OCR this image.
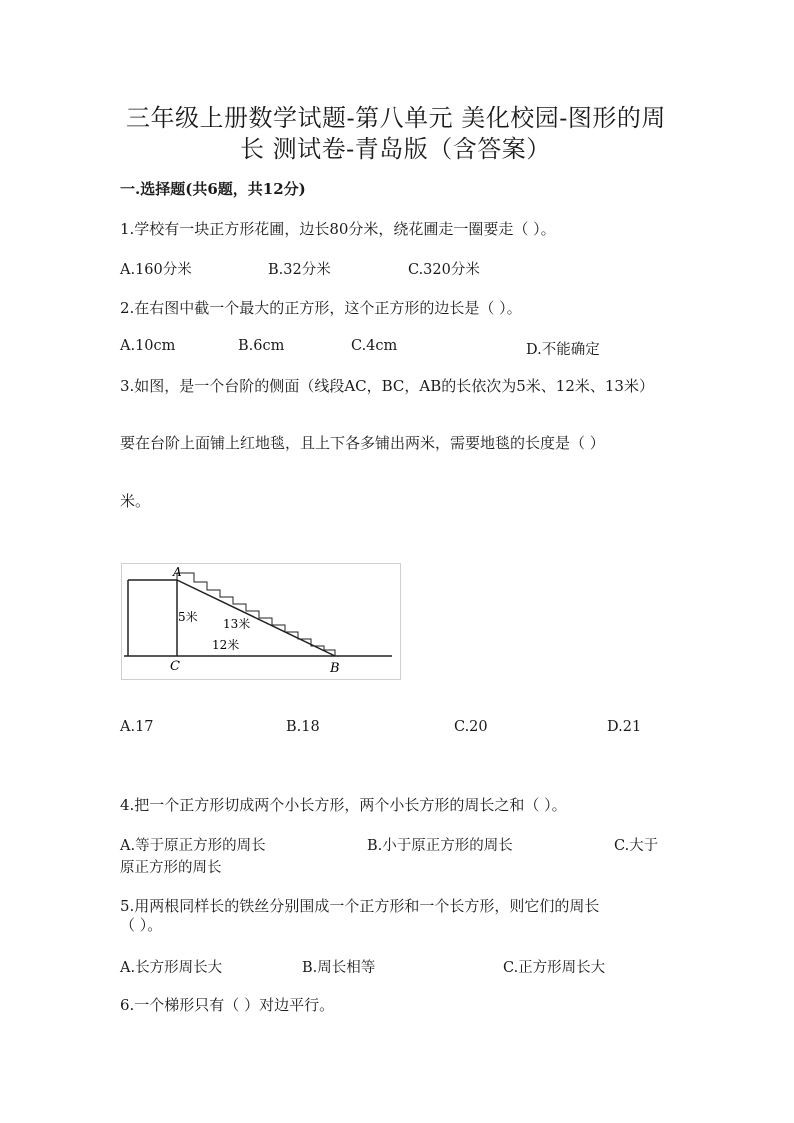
三年级上册数学试题-第八单元 美化校园-图形的周
长 测试卷-青岛版（含答案）
一.选择题(共6题，共12分)
1.学校有一块正方形花圃，边长80分米，绕花圃走一圈要走（ ）。
A.160分米	B.32分米	C.320分米
2.在右图中截一个最大的正方形，这个正方形的边长是（ ）。
A.10cm	B.6cm	C.4cm	D.不能确定
3.如图，是一个台阶的侧面（线段AC，BC，AB的长依次为5米、12米、13米）
要在台阶上面铺上红地毯，且上下各多铺出两米，需要地毯的长度是（ ）
米。
A
C	B
5米 13米
12米
A.17	B.18	C.20	D.21
4.把一个正方形切成两个小长方形，两个小长方形的周长之和（ ）。
A.等于原正方形的周长	B.小于原正方形的周长	C.大于
原正方形的周长
5.用两根同样长的铁丝分别围成一个正方形和一个长方形，则它们的周长
（ ）。
A.长方形周长大	B.周长相等	C.正方形周长大
6.一个梯形只有（ ）对边平行。
